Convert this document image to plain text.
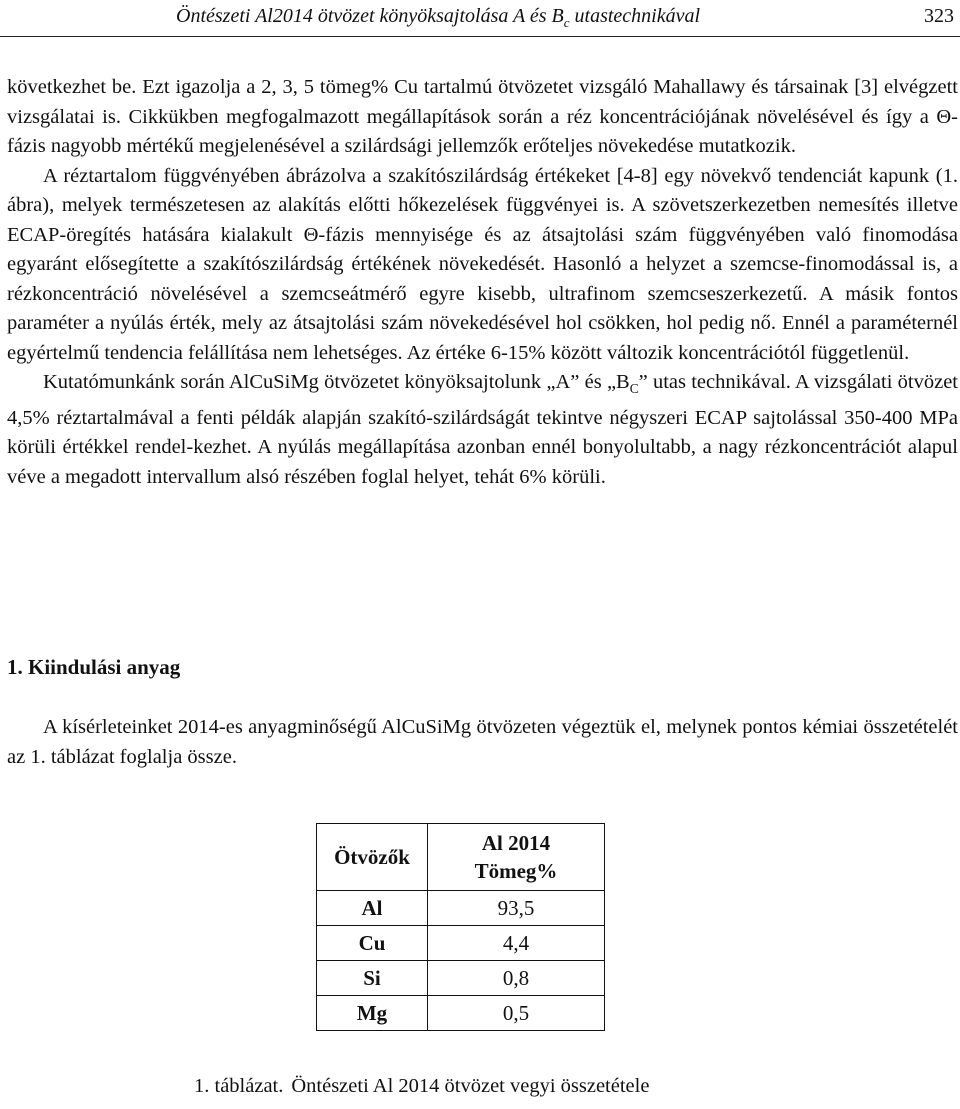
Öntészeti Al2014 ötvözet könyöksajtolása A és $B_c$ utastechnikával	323

következhet be. Ezt igazolja a 2, 3, 5 tömeg% Cu tartalmú ötvözetet vizsgáló Mahallawy és társainak [3] elvégzett vizsgálatai is. Cikkükben megfogalmazott megállapítások során a réz koncentrációjának növelésével és így a Θ-fázis nagyobb mértékű megjelenésével a szilárdsági jellemzők erőteljes növekedése mutatkozik.

A réztartalom függvényében ábrázolva a szakítószilárdság értékeket [4-8] egy növekvő tendenciát kapunk (1. ábra), melyek természetesen az alakítás előtti hőkezelések függvényei is. A szövetszerkezetben nemesítés illetve ECAP-öregítés hatására kialakult Θ-fázis mennyisége és az átsajtolási szám függvényében való finomodása egyaránt elősegítette a szakítószilárdság értékének növekedését. Hasonló a helyzet a szemcse-finomodással is, a rézkoncentráció növelésével a szemcseátmérő egyre kisebb, ultrafinom szemcseszerkezetű. A másik fontos paraméter a nyúlás érték, mely az átsajtolási szám növekedésével hol csökken, hol pedig nő. Ennél a paraméternél egyértelmű tendencia felállítása nem lehetséges. Az értéke 6-15% között változik koncentrációtól függetlenül.

Kutatómunkánk során AlCuSiMg ötvözetet könyöksajtolunk „A” és $„B_C$” utas technikával. A vizsgálati ötvözet 4,5% réztartalmával a fenti példák alapján szakító-szilárdságát tekintve négyszeri ECAP sajtolással 350-400 MPa körüli értékkel rendel-kezhet. A nyúlás megállapítása azonban ennél bonyolultabb, a nagy rézkoncentrációt alapul véve a megadott intervallum alsó részében foglal helyet, tehát 6% körüli.

1. Kiindulási anyag

A kísérleteinket 2014-es anyagminőségű AlCuSiMg ötvözeten végeztük el, melynek pontos kémiai összetételét az 1. táblázat foglalja össze.

Ötvözők	Al 2014
Tömeg%
Al	93,5
Cu	4,4
Si	0,8
Mg	0,5
1. táblázat. Öntészeti Al 2014 ötvözet vegyi összetétele
